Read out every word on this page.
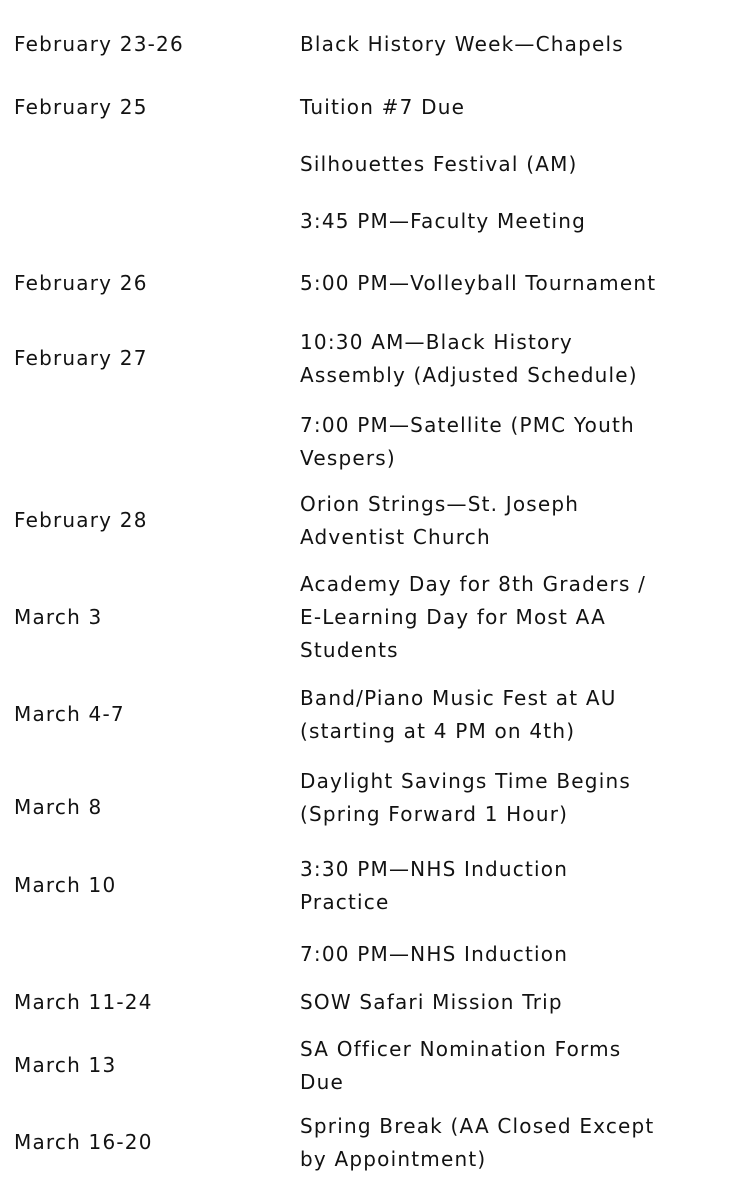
February 23-26	Black History Week—Chapels

February 25	Tuition #7 Due

	Silhouettes Festival (AM)

	3:45 PM—Faculty Meeting

February 26	5:00 PM—Volleyball Tournament

February 27	10:30 AM—Black History
Assembly (Adjusted Schedule)

	7:00 PM—Satellite (PMC Youth
Vespers)

February 28	Orion Strings—St. Joseph
Adventist Church

March 3	Academy Day for 8th Graders /
E-Learning Day for Most AA
Students

March 4-7	Band/Piano Music Fest at AU
(starting at 4 PM on 4th)

March 8	Daylight Savings Time Begins
(Spring Forward 1 Hour)

March 10	3:30 PM—NHS Induction
Practice

	7:00 PM—NHS Induction

March 11-24	SOW Safari Mission Trip

March 13	SA Officer Nomination Forms
Due

March 16-20	Spring Break (AA Closed Except
by Appointment)
